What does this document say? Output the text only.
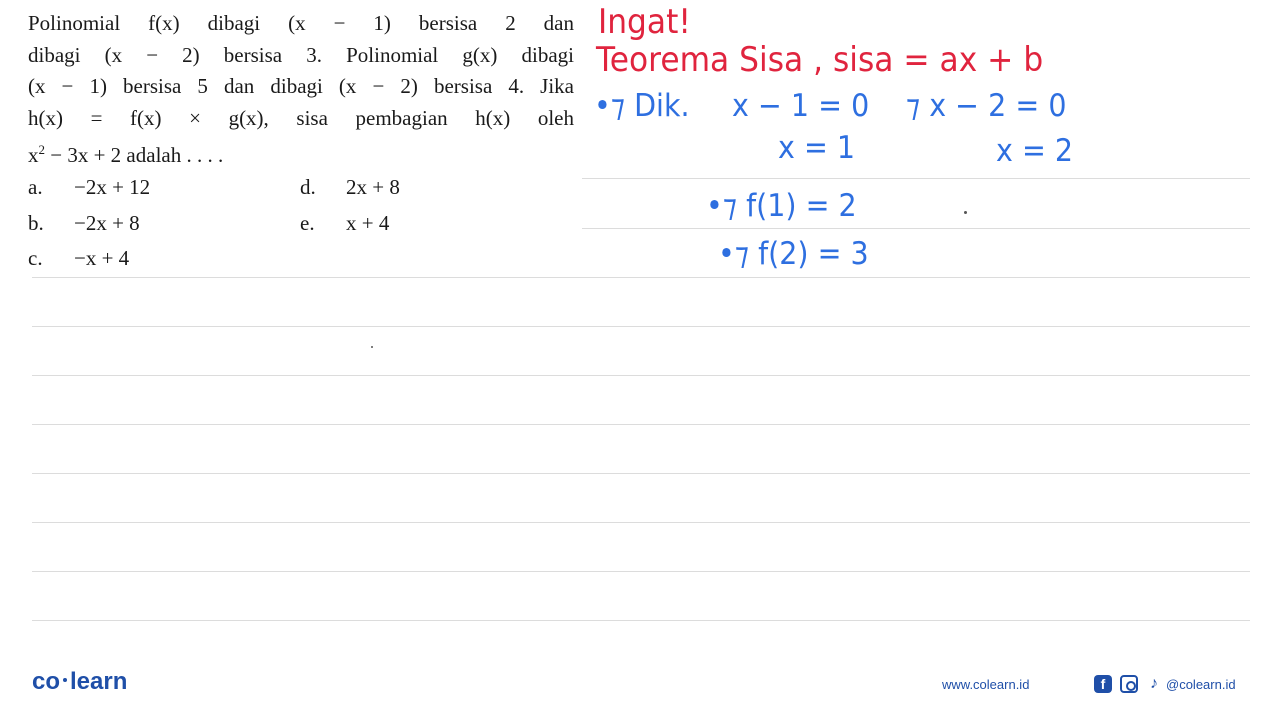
Polinomial f(x) dibagi (x − 1) bersisa 2 dan

dibagi (x − 2) bersisa 3. Polinomial g(x) dibagi

(x − 1) bersisa 5 dan dibagi (x − 2) bersisa 4. Jika

h(x) = f(x) × g(x), sisa pembagian h(x) oleh

$x^2 - 3x + 2$ adalah . . . .

a. −2x + 12
b. −2x + 8
c. −x + 4
d. 2x + 8
e. x + 4
Ingat!
Teorema Sisa , sisa = ax + b
•⁊ Dik. x − 1 = 0 ⁊ x − 2 = 0
x = 1	x = 2
•⁊ f(1) = 2
•⁊ f(2) = 3
co learn	www.colearn.id	f	♪ @colearn.id
